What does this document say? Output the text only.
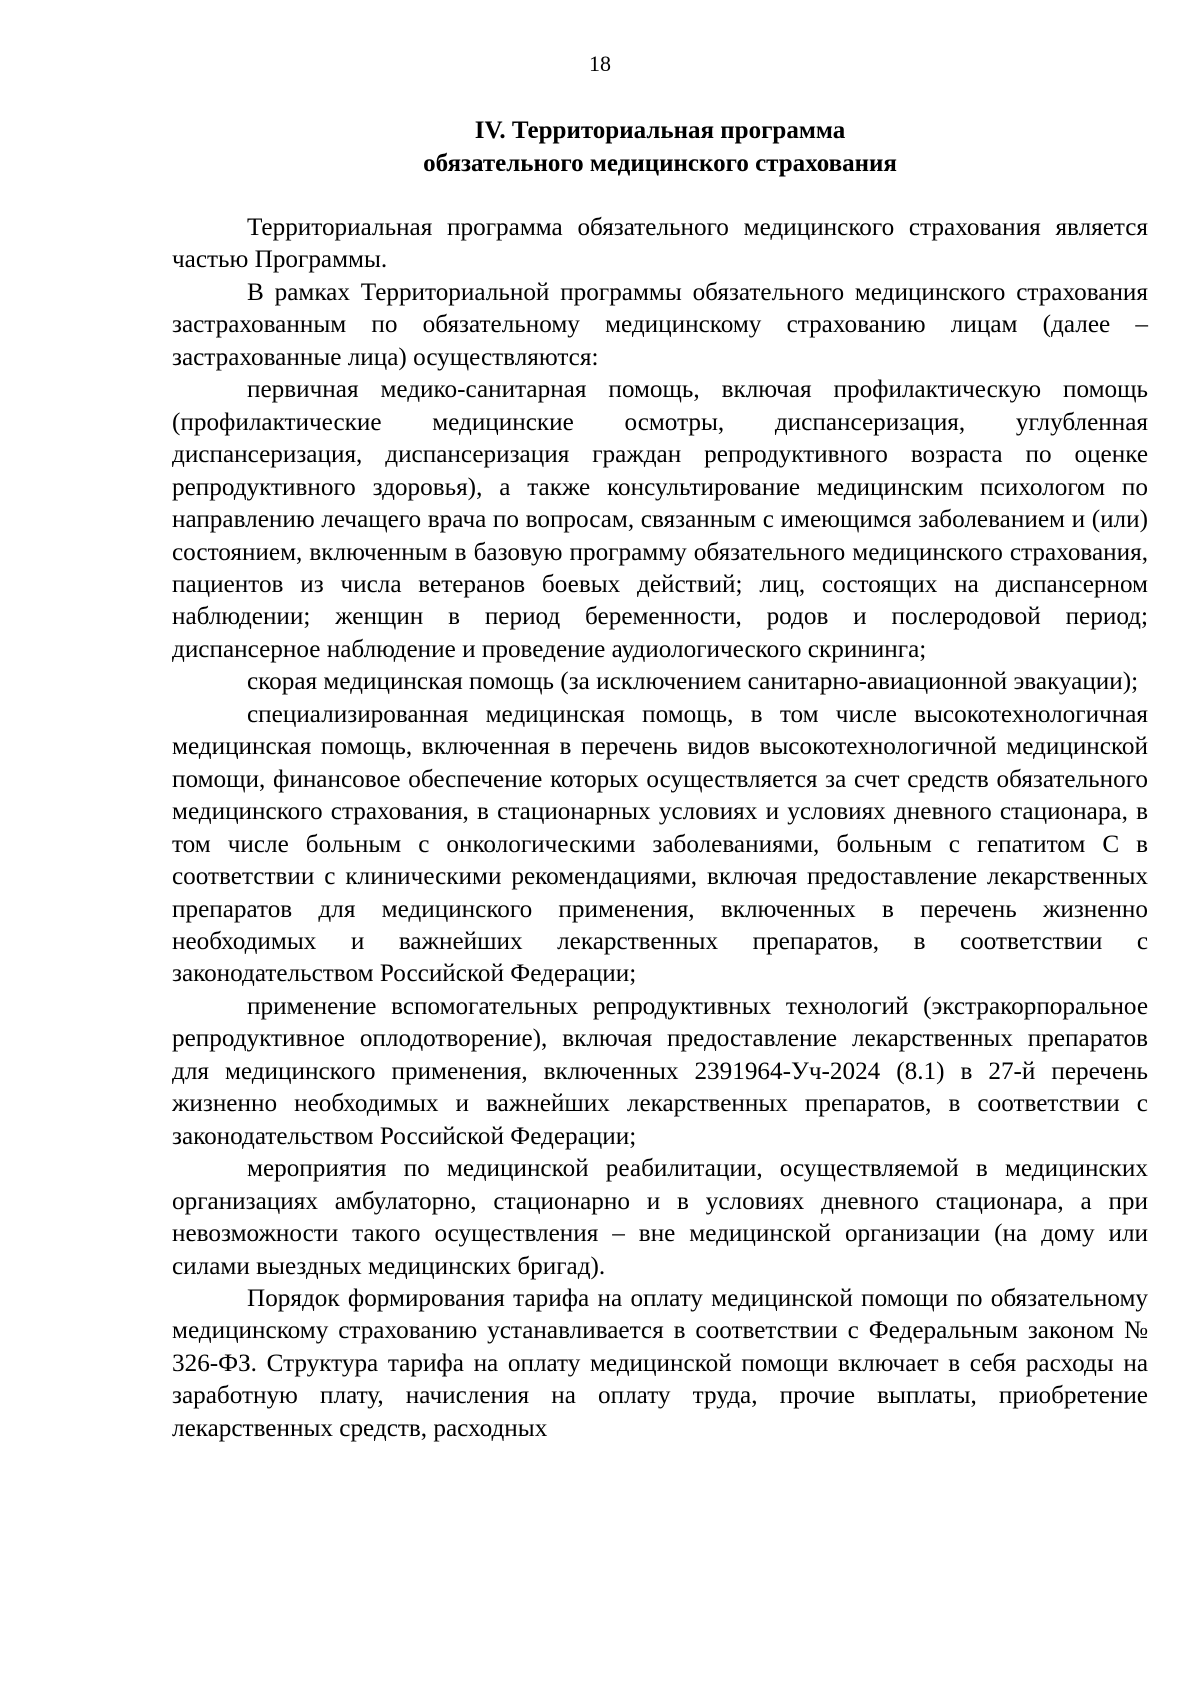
18
IV. Территориальная программа
обязательного медицинского страхования

Территориальная программа обязательного медицинского страхования является частью Программы.

В рамках Территориальной программы обязательного медицинского страхования застрахованным по обязательному медицинскому страхованию лицам (далее – застрахованные лица) осуществляются:

первичная медико-санитарная помощь, включая профилактическую помощь (профилактические медицинские осмотры, диспансеризация, углубленная диспансеризация, диспансеризация граждан репродуктивного возраста по оценке репродуктивного здоровья), а также консультирование медицинским психологом по направлению лечащего врача по вопросам, связанным с имеющимся заболеванием и (или) состоянием, включенным в базовую программу обязательного медицинского страхования, пациентов из числа ветеранов боевых действий; лиц, состоящих на диспансерном наблюдении; женщин в период беременности, родов и послеродовой период; диспансерное наблюдение и проведение аудиологического скрининга;

скорая медицинская помощь (за исключением санитарно-авиационной эвакуации);

специализированная медицинская помощь, в том числе высокотехнологичная медицинская помощь, включенная в перечень видов высокотехнологичной медицинской помощи, финансовое обеспечение которых осуществляется за счет средств обязательного медицинского страхования, в стационарных условиях и условиях дневного стационара, в том числе больным с онкологическими заболеваниями, больным с гепатитом С в соответствии с клиническими рекомендациями, включая предоставление лекарственных препаратов для медицинского применения, включенных в перечень жизненно необходимых и важнейших лекарственных препаратов, в соответствии с законодательством Российской Федерации;

применение вспомогательных репродуктивных технологий (экстракорпоральное репродуктивное оплодотворение), включая предоставление лекарственных препаратов для медицинского применения, включенных 2391964-Уч-2024 (8.1) в 27-й перечень жизненно необходимых и важнейших лекарственных препаратов, в соответствии с законодательством Российской Федерации;

мероприятия по медицинской реабилитации, осуществляемой в медицинских организациях амбулаторно, стационарно и в условиях дневного стационара, а при невозможности такого осуществления – вне медицинской организации (на дому или силами выездных медицинских бригад).

Порядок формирования тарифа на оплату медицинской помощи по обязательному медицинскому страхованию устанавливается в соответствии с Федеральным законом № 326-ФЗ. Структура тарифа на оплату медицинской помощи включает в себя расходы на заработную плату, начисления на оплату труда, прочие выплаты, приобретение лекарственных средств, расходных
